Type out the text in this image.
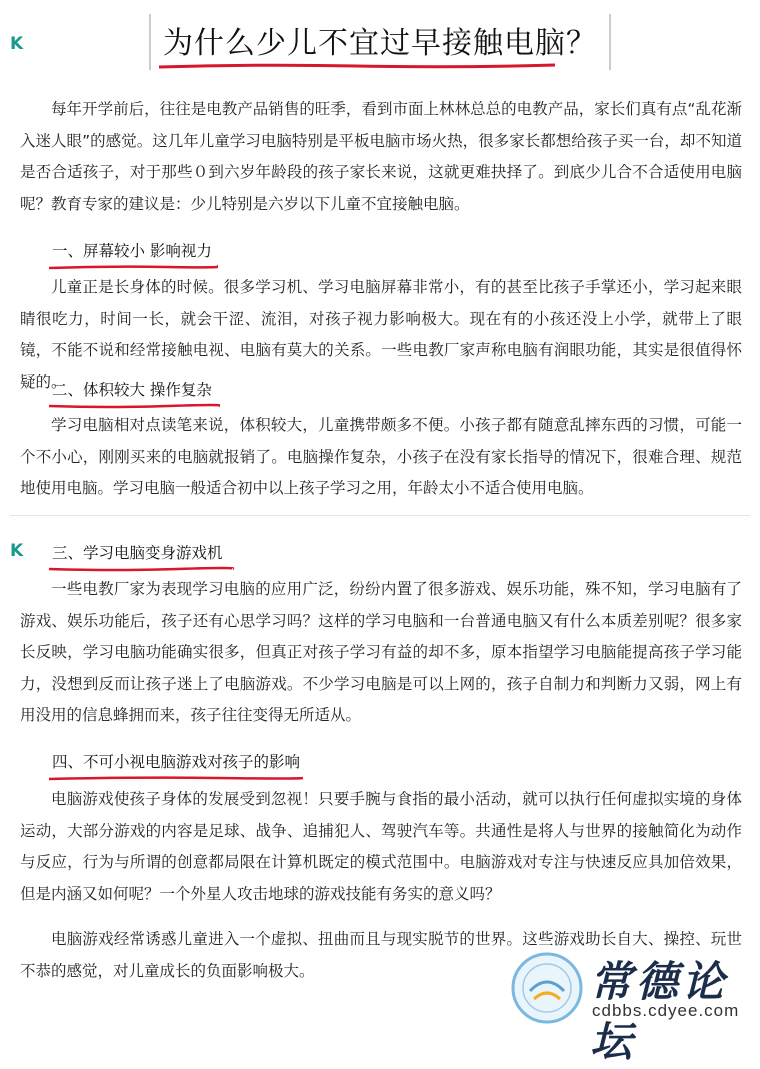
𝗞
𝗞
为什么少儿不宜过早接触电脑？
每年开学前后，往往是电教产品销售的旺季，看到市面上林林总总的电教产品，家长们真有点“乱花渐入迷人眼”的感觉。这几年儿童学习电脑特别是平板电脑市场火热，很多家长都想给孩子买一台，却不知道是否合适孩子，对于那些０到六岁年龄段的孩子家长来说，这就更难抉择了。到底少儿合不合适使用电脑呢？教育专家的建议是：少儿特别是六岁以下儿童不宜接触电脑。
一、屏幕较小 影响视力
儿童正是长身体的时候。很多学习机、学习电脑屏幕非常小，有的甚至比孩子手掌还小，学习起来眼睛很吃力，时间一长，就会干涩、流泪，对孩子视力影响极大。现在有的小孩还没上小学，就带上了眼镜，不能不说和经常接触电视、电脑有莫大的关系。一些电教厂家声称电脑有润眼功能，其实是很值得怀疑的。
二、体积较大 操作复杂
学习电脑相对点读笔来说，体积较大，儿童携带颇多不便。小孩子都有随意乱摔东西的习惯，可能一个不小心，刚刚买来的电脑就报销了。电脑操作复杂，小孩子在没有家长指导的情况下，很难合理、规范地使用电脑。学习电脑一般适合初中以上孩子学习之用，年龄太小不适合使用电脑。
三、学习电脑变身游戏机
一些电教厂家为表现学习电脑的应用广泛，纷纷内置了很多游戏、娱乐功能，殊不知，学习电脑有了游戏、娱乐功能后，孩子还有心思学习吗？这样的学习电脑和一台普通电脑又有什么本质差别呢？很多家长反映，学习电脑功能确实很多，但真正对孩子学习有益的却不多，原本指望学习电脑能提高孩子学习能力，没想到反而让孩子迷上了电脑游戏。不少学习电脑是可以上网的，孩子自制力和判断力又弱，网上有用没用的信息蜂拥而来，孩子往往变得无所适从。
四、不可小视电脑游戏对孩子的影响
电脑游戏使孩子身体的发展受到忽视！只要手腕与食指的最小活动，就可以执行任何虚拟实境的身体运动，大部分游戏的内容是足球、战争、追捕犯人、驾驶汽车等。共通性是将人与世界的接触简化为动作与反应，行为与所谓的创意都局限在计算机既定的模式范围中。电脑游戏对专注与快速反应具加倍效果，但是内涵又如何呢？一个外星人攻击地球的游戏技能有务实的意义吗？
电脑游戏经常诱惑儿童进入一个虚拟、扭曲而且与现实脱节的世界。这些游戏助长自大、操控、玩世不恭的感觉，对儿童成长的负面影响极大。	常德论坛
cdbbs.cdyee.com
